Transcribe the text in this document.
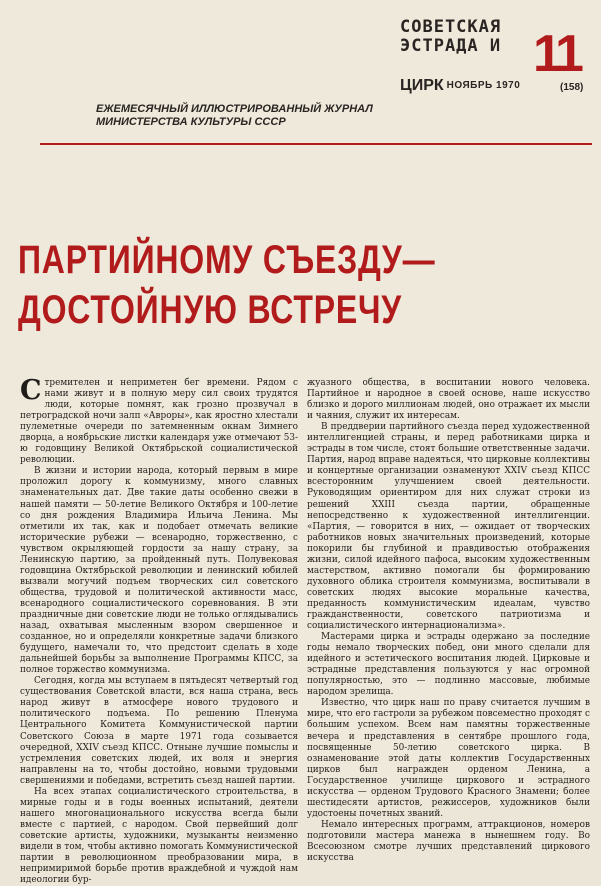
СОВЕТСКАЯ
ЭСТРАДА И
ЦИРК НОЯБРЬ 1970
11
(158)
ЕЖЕМЕСЯЧНЫЙ ИЛЛЮСТРИРОВАННЫЙ ЖУРНАЛ
МИНИСТЕРСТВА КУЛЬТУРЫ СССР
ПАРТИЙНОМУ СЪЕЗДУ—
ДОСТОЙНУЮ ВСТРЕЧУ

Стремителен и неприметен бег времени. Рядом с нами живут и в полную меру сил своих трудятся люди, которые помнят, как грозно прозвучал в петроградской ночи залп «Авроры», как яростно хлестали пулеметные очереди по затемненным окнам Зимнего дворца, а ноябрьские листки календаря уже отмечают 53-ю годовщину Великой Октябрьской социалистической революции.

В жизни и истории народа, который первым в мире проложил дорогу к коммунизму, много славных знаменательных дат. Две такие даты особенно свежи в нашей памяти — 50-летие Великого Октября и 100-летие со дня рождения Владимира Ильича Ленина. Мы отметили их так, как и подобает отмечать великие исторические рубежи — всенародно, торжественно, с чувством окрыляющей гордости за нашу страну, за Ленинскую партию, за пройденный путь. Полувековая годовщина Октябрьской революции и ленинский юбилей вызвали могучий подъем творческих сил советского общества, трудовой и политической активности масс, всенародного социалистического соревнования. В эти праздничные дни советские люди не только оглядывались назад, охватывая мысленным взором свершенное и созданное, но и определяли конкретные задачи близкого будущего, намечали то, что предстоит сделать в ходе дальнейшей борьбы за выполнение Программы КПСС, за полное торжество коммунизма.

Сегодня, когда мы вступаем в пятьдесят четвертый год существования Советской власти, вся наша страна, весь народ живут в атмосфере нового трудового и политического подъема. По решению Пленума Центрального Комитета Коммунистической партии Советского Союза в марте 1971 года созывается очередной, XXIV съезд КПСС. Отныне лучшие помыслы и устремления советских людей, их воля и энергия направлены на то, чтобы достойно, новыми трудовыми свершениями и победами, встретить съезд нашей партии.

На всех этапах социалистического строительства, в мирные годы и в годы военных испытаний, деятели нашего многонационального искусства всегда были вместе с партией, с народом. Свой первейший долг советские артисты, художники, музыканты неизменно видели в том, чтобы активно помогать Коммунистической партии в революционном преобразовании мира, в непримиримой борьбе против враждебной и чуждой нам идеологии бур-

жуазного общества, в воспитании нового человека. Партийное и народное в своей основе, наше искусство близко и дорого миллионам людей, оно отражает их мысли и чаяния, служит их интересам.

В преддверии партийного съезда перед художественной интеллигенцией страны, и перед работниками цирка и эстрады в том числе, стоят большие ответственные задачи. Партия, народ вправе надеяться, что цирковые коллективы и концертные организации ознаменуют XXIV съезд КПСС всесторонним улучшением своей деятельности. Руководящим ориентиром для них служат строки из решений XXIII съезда партии, обращенные непосредственно к художественной интеллигенции. «Партия, — говорится в них, — ожидает от творческих работников новых значительных произведений, которые покорили бы глубиной и правдивостью отображения жизни, силой идейного пафоса, высоким художественным мастерством, активно помогали бы формированию духовного облика строителя коммунизма, воспитывали в советских людях высокие моральные качества, преданность коммунистическим идеалам, чувство гражданственности, советского патриотизма и социалистического интернационализма».

Мастерами цирка и эстрады одержано за последние годы немало творческих побед, они много сделали для идейного и эстетического воспитания людей. Цирковые и эстрадные представления пользуются у нас огромной популярностью, это — подлинно массовые, любимые народом зрелища.

Известно, что цирк наш по праву считается лучшим в мире, что его гастроли за рубежом повсеместно проходят с большим успехом. Всем нам памятны торжественные вечера и представления в сентябре прошлого года, посвященные 50-летию советского цирка. В ознаменование этой даты коллектив Государственных цирков был награжден орденом Ленина, а Государственное училище циркового и эстрадного искусства — орденом Трудового Красного Знамени; более шестидесяти артистов, режиссеров, художников были удостоены почетных званий.

Немало интересных программ, аттракционов, номеров подготовили мастера манежа в нынешнем году. Во Всесоюзном смотре лучших представлений циркового искусства
